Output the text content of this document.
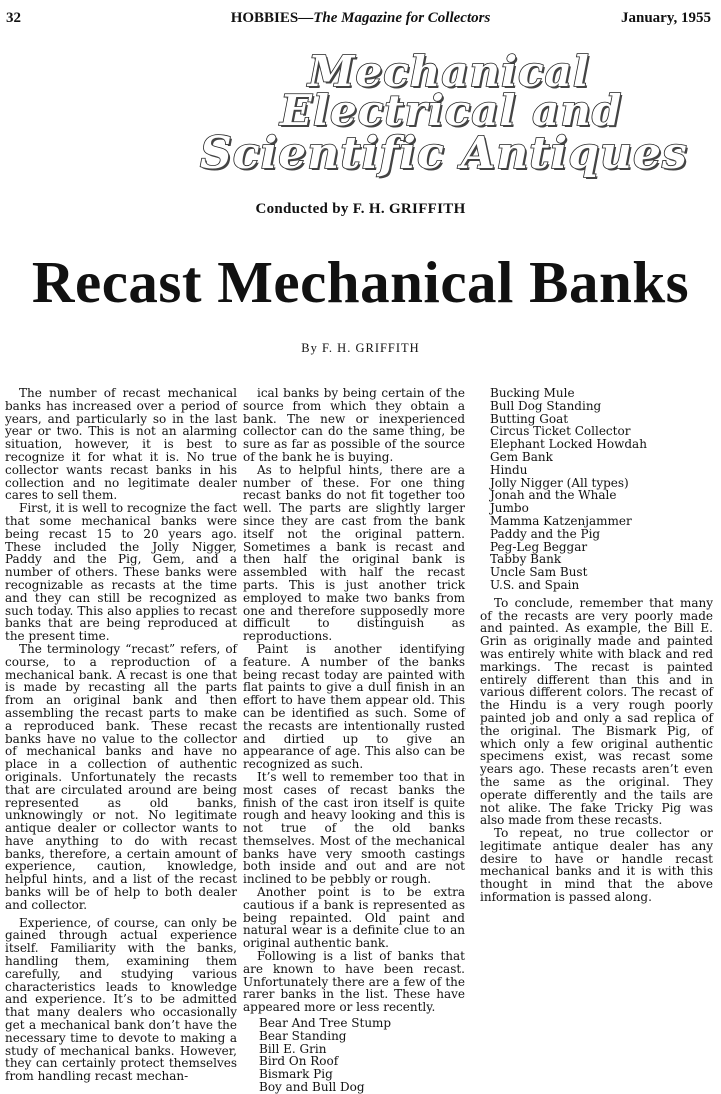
32	HOBBIES—The Magazine for Collectors	January, 1955
Mechanical
Electrical and
Scientific Antiques
Conducted by F. H. GRIFFITH
Recast Mechanical Banks
By F. H. GRIFFITH

The number of recast mechanical banks has increased over a period of years, and particularly so in the last year or two. This is not an alarming situation, however, it is best to recognize it for what it is. No true collector wants recast banks in his collection and no legitimate dealer cares to sell them.

First, it is well to recognize the fact that some mechanical banks were being recast 15 to 20 years ago. These included the Jolly Nigger, Paddy and the Pig, Gem, and a number of others. These banks were recognizable as recasts at the time and they can still be recognized as such today. This also applies to recast banks that are being reproduced at the present time.

The terminology “recast” refers, of course, to a reproduction of a mechanical bank. A recast is one that is made by recasting all the parts from an original bank and then assembling the recast parts to make a reproduced bank. These recast banks have no value to the collector of mechanical banks and have no place in a collection of authentic originals. Unfortunately the recasts that are circulated around are being represented as old banks, unknowingly or not. No legitimate antique dealer or collector wants to have anything to do with recast banks, therefore, a certain amount of experience, caution, knowledge, helpful hints, and a list of the recast banks will be of help to both dealer and collector.

Experience, of course, can only be gained through actual experience itself. Familiarity with the banks, handling them, examining them carefully, and studying various characteristics leads to knowledge and experience. It’s to be admitted that many dealers who occasionally get a mechanical bank don’t have the necessary time to devote to making a study of mechanical banks. However, they can certainly protect themselves from handling recast mechan-

ical banks by being certain of the source from which they obtain a bank. The new or inexperienced collector can do the same thing, be sure as far as possible of the source of the bank he is buying.

As to helpful hints, there are a number of these. For one thing recast banks do not fit together too well. The parts are slightly larger since they are cast from the bank itself not the original pattern. Sometimes a bank is recast and then half the original bank is assembled with half the recast parts. This is just another trick employed to make two banks from one and therefore supposedly more difficult to distinguish as reproductions.

Paint is another identifying feature. A number of the banks being recast today are painted with flat paints to give a dull finish in an effort to have them appear old. This can be identified as such. Some of the recasts are intentionally rusted and dirtied up to give an appearance of age. This also can be recognized as such.

It’s well to remember too that in most cases of recast banks the finish of the cast iron itself is quite rough and heavy looking and this is not true of the old banks themselves. Most of the mechanical banks have very smooth castings both inside and out and are not inclined to be pebbly or rough.

Another point is to be extra cautious if a bank is represented as being repainted. Old paint and natural wear is a definite clue to an original authentic bank.

Following is a list of banks that are known to have been recast. Unfortunately there are a few of the rarer banks in the list. These have appeared more or less recently.

Bear And Tree Stump
Bear Standing
Bill E. Grin
Bird On Roof
Bismark Pig
Boy and Bull Dog
Bucking Mule
Bull Dog Standing
Butting Goat
Circus Ticket Collector
Elephant Locked Howdah
Gem Bank
Hindu
Jolly Nigger (All types)
Jonah and the Whale
Jumbo
Mamma Katzenjammer
Paddy and the Pig
Peg-Leg Beggar
Tabby Bank
Uncle Sam Bust
U.S. and Spain

To conclude, remember that many of the recasts are very poorly made and painted. As example, the Bill E. Grin as originally made and painted was entirely white with black and red markings. The recast is painted entirely different than this and in various different colors. The recast of the Hindu is a very rough poorly painted job and only a sad replica of the original. The Bismark Pig, of which only a few original authentic specimens exist, was recast some years ago. These recasts aren’t even the same as the original. They operate differently and the tails are not alike. The fake Tricky Pig was also made from these recasts.

To repeat, no true collector or legitimate antique dealer has any desire to have or handle recast mechanical banks and it is with this thought in mind that the above information is passed along.
